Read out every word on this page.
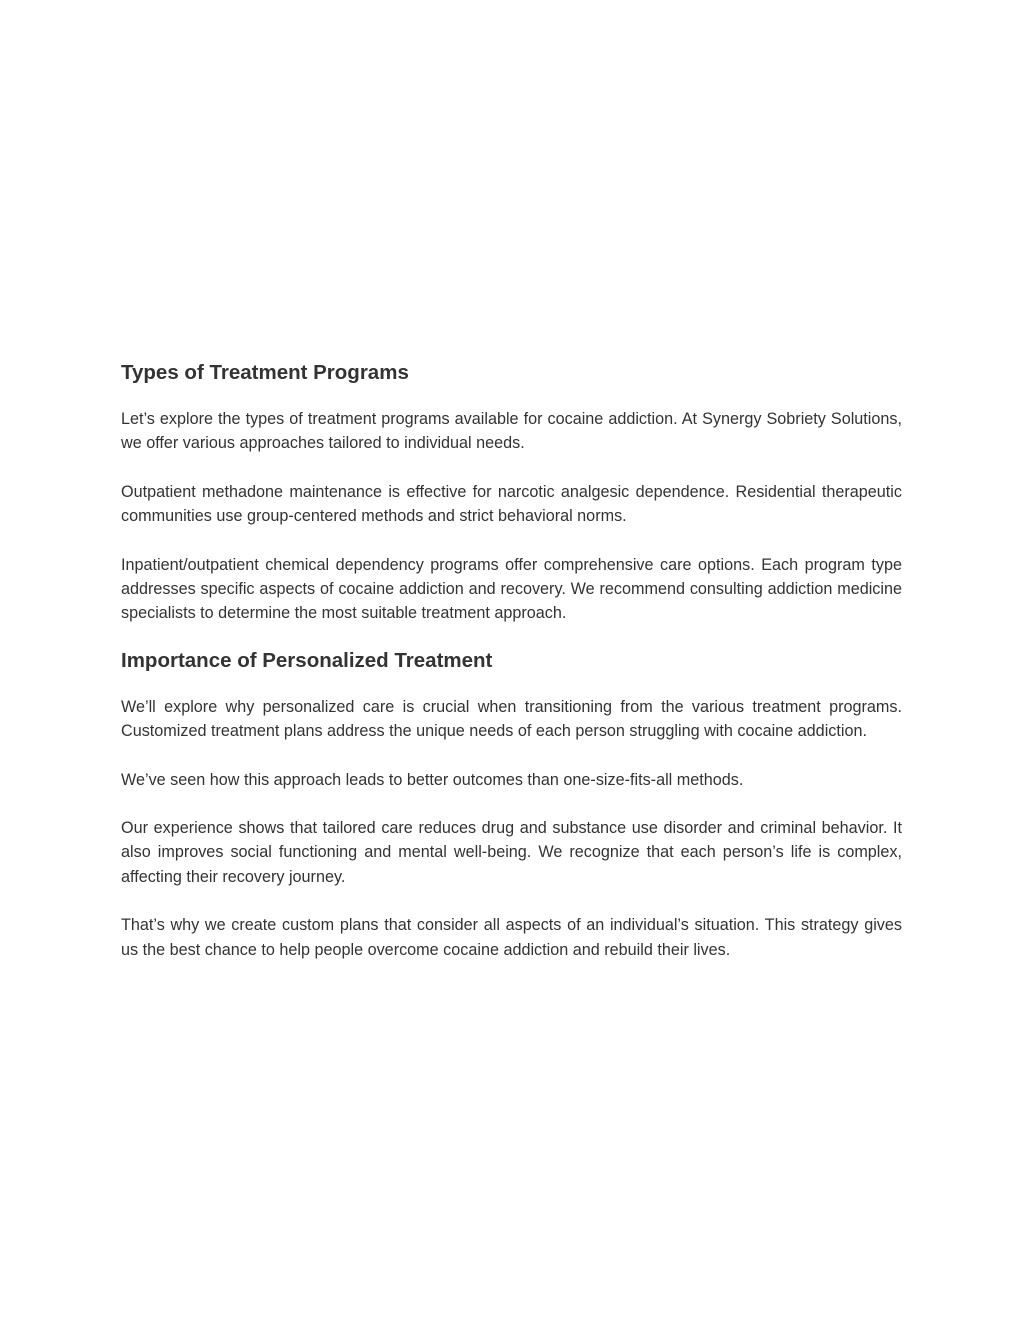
Types of Treatment Programs

Let’s explore the types of treatment programs available for cocaine addiction. At Synergy Sobriety Solutions, we offer various approaches tailored to individual needs.

Outpatient methadone maintenance is effective for narcotic analgesic dependence. Residential therapeutic communities use group-centered methods and strict behavioral norms.

Inpatient/outpatient chemical dependency programs offer comprehensive care options. Each program type addresses specific aspects of cocaine addiction and recovery. We recommend consulting addiction medicine specialists to determine the most suitable treatment approach.

Importance of Personalized Treatment

We’ll explore why personalized care is crucial when transitioning from the various treatment programs. Customized treatment plans address the unique needs of each person struggling with cocaine addiction.

We’ve seen how this approach leads to better outcomes than one-size-fits-all methods.

Our experience shows that tailored care reduces drug and substance use disorder and criminal behavior. It also improves social functioning and mental well-being. We recognize that each person’s life is complex, affecting their recovery journey.

That’s why we create custom plans that consider all aspects of an individual’s situation. This strategy gives us the best chance to help people overcome cocaine addiction and rebuild their lives.
